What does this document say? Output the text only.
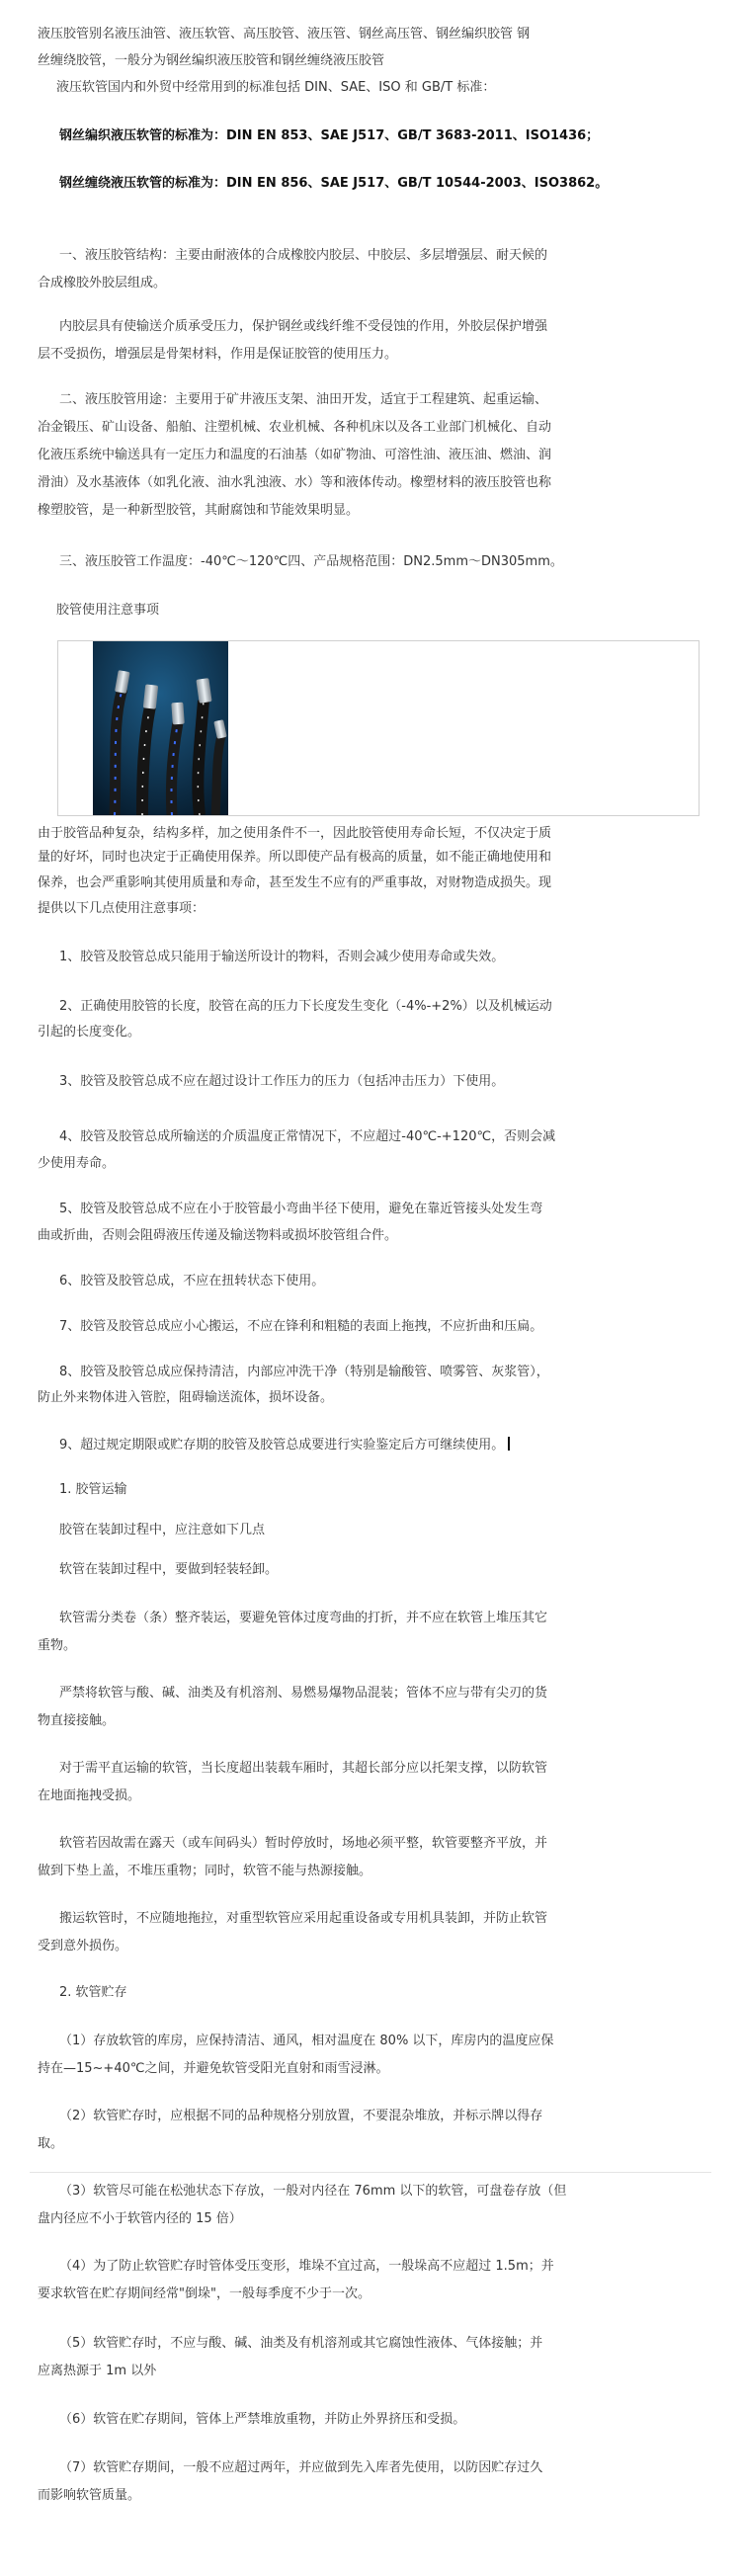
液压胶管别名液压油管、液压软管、高压胶管、液压管、钢丝高压管、钢丝编织胶管 钢

丝缠绕胶管，一般分为钢丝编织液压胶管和钢丝缠绕液压胶管

液压软管国内和外贸中经常用到的标准包括 DIN、SAE、ISO 和 GB/T 标准：

钢丝编织液压软管的标准为：DIN EN 853、SAE J517、GB/T 3683-2011、ISO1436；

钢丝缠绕液压软管的标准为：DIN EN 856、SAE J517、GB/T 10544-2003、ISO3862。

一、液压胶管结构：主要由耐液体的合成橡胶内胶层、中胶层、多层增强层、耐天候的

合成橡胶外胶层组成。

内胶层具有使输送介质承受压力，保护钢丝或线纤维不受侵蚀的作用，外胶层保护增强

层不受损伤，增强层是骨架材料，作用是保证胶管的使用压力。

二、液压胶管用途：主要用于矿井液压支架、油田开发，适宜于工程建筑、起重运输、

冶金锻压、矿山设备、船舶、注塑机械、农业机械、各种机床以及各工业部门机械化、自动

化液压系统中输送具有一定压力和温度的石油基（如矿物油、可溶性油、液压油、燃油、润

滑油）及水基液体（如乳化液、油水乳浊液、水）等和液体传动。橡塑材料的液压胶管也称

橡塑胶管，是一种新型胶管，其耐腐蚀和节能效果明显。

三、液压胶管工作温度：-40℃～120℃四、产品规格范围：DN2.5mm～DN305mm。

胶管使用注意事项

由于胶管品种复杂，结构多样，加之使用条件不一，因此胶管使用寿命长短，不仅决定于质

量的好坏，同时也决定于正确使用保养。所以即使产品有极高的质量，如不能正确地使用和

保养，也会严重影响其使用质量和寿命，甚至发生不应有的严重事故，对财物造成损失。现

提供以下几点使用注意事项：

1、胶管及胶管总成只能用于输送所设计的物料，否则会减少使用寿命或失效。

2、正确使用胶管的长度，胶管在高的压力下长度发生变化（-4%-+2%）以及机械运动

引起的长度变化。

3、胶管及胶管总成不应在超过设计工作压力的压力（包括冲击压力）下使用。

4、胶管及胶管总成所输送的介质温度正常情况下，不应超过-40℃-+120℃，否则会减

少使用寿命。

5、胶管及胶管总成不应在小于胶管最小弯曲半径下使用，避免在靠近管接头处发生弯

曲或折曲，否则会阻碍液压传递及输送物料或损坏胶管组合件。

6、胶管及胶管总成，不应在扭转状态下使用。

7、胶管及胶管总成应小心搬运，不应在锋利和粗糙的表面上拖拽，不应折曲和压扁。

8、胶管及胶管总成应保持清洁，内部应冲洗干净（特别是输酸管、喷雾管、灰浆管），

防止外来物体进入管腔，阻碍输送流体，损坏设备。

9、超过规定期限或贮存期的胶管及胶管总成要进行实验鉴定后方可继续使用。

1. 胶管运输

胶管在装卸过程中，应注意如下几点

软管在装卸过程中，要做到轻装轻卸。

软管需分类卷（条）整齐装运，要避免管体过度弯曲的打折，并不应在软管上堆压其它

重物。

严禁将软管与酸、碱、油类及有机溶剂、易燃易爆物品混装；管体不应与带有尖刃的货

物直接接触。

对于需平直运输的软管，当长度超出装载车厢时，其超长部分应以托架支撑，以防软管

在地面拖拽受损。

软管若因故需在露天（或车间码头）暂时停放时，场地必须平整，软管要整齐平放，并

做到下垫上盖，不堆压重物；同时，软管不能与热源接触。

搬运软管时，不应随地拖拉，对重型软管应采用起重设备或专用机具装卸，并防止软管

受到意外损伤。

2. 软管贮存

（1）存放软管的库房，应保持清洁、通风，相对温度在 80% 以下，库房内的温度应保

持在—15~+40℃之间，并避免软管受阳光直射和雨雪浸淋。

（2）软管贮存时，应根据不同的品种规格分别放置，不要混杂堆放，并标示牌以得存

取。

（3）软管尽可能在松弛状态下存放，一般对内径在 76mm 以下的软管，可盘卷存放（但

盘内径应不小于软管内径的 15 倍）

（4）为了防止软管贮存时管体受压变形，堆垛不宜过高，一般垛高不应超过 1.5m；并

要求软管在贮存期间经常"倒垛"，一般每季度不少于一次。

（5）软管贮存时，不应与酸、碱、油类及有机溶剂或其它腐蚀性液体、气体接触；并

应离热源于 1m 以外

（6）软管在贮存期间，管体上严禁堆放重物，并防止外界挤压和受损。

（7）软管贮存期间，一般不应超过两年，并应做到先入库者先使用，以防因贮存过久

而影响软管质量。
